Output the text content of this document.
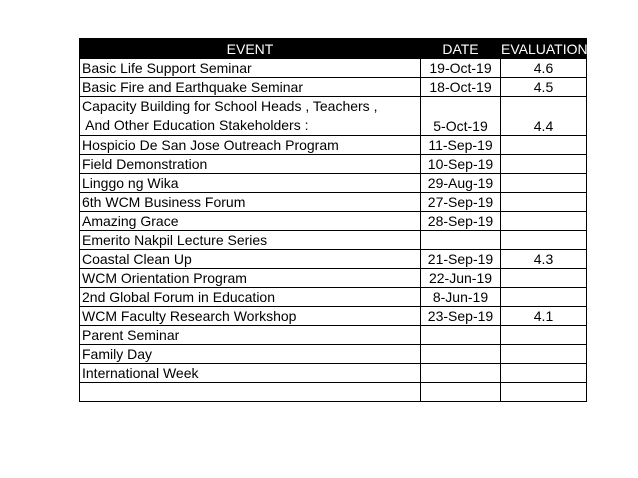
EVENT	DATE	EVALUATION
Basic Life Support Seminar	19-Oct-19	4.6
Basic Fire and Earthquake Seminar	18-Oct-19	4.5

Capacity Building for School Heads , Teachers ,
And Other Education Stakeholders :	5-Oct-19	4.4
Hospicio De San Jose Outreach Program	11-Sep-19	
Field Demonstration	10-Sep-19	
Linggo ng Wika	29-Aug-19	
6th WCM Business Forum	27-Sep-19	
Amazing Grace	28-Sep-19	
Emerito Nakpil Lecture Series		
Coastal Clean Up	21-Sep-19	4.3
WCM Orientation Program	22-Jun-19	
2nd Global Forum in Education	8-Jun-19	
WCM Faculty Research Workshop	23-Sep-19	4.1
Parent Seminar		
Family Day		
International Week		
